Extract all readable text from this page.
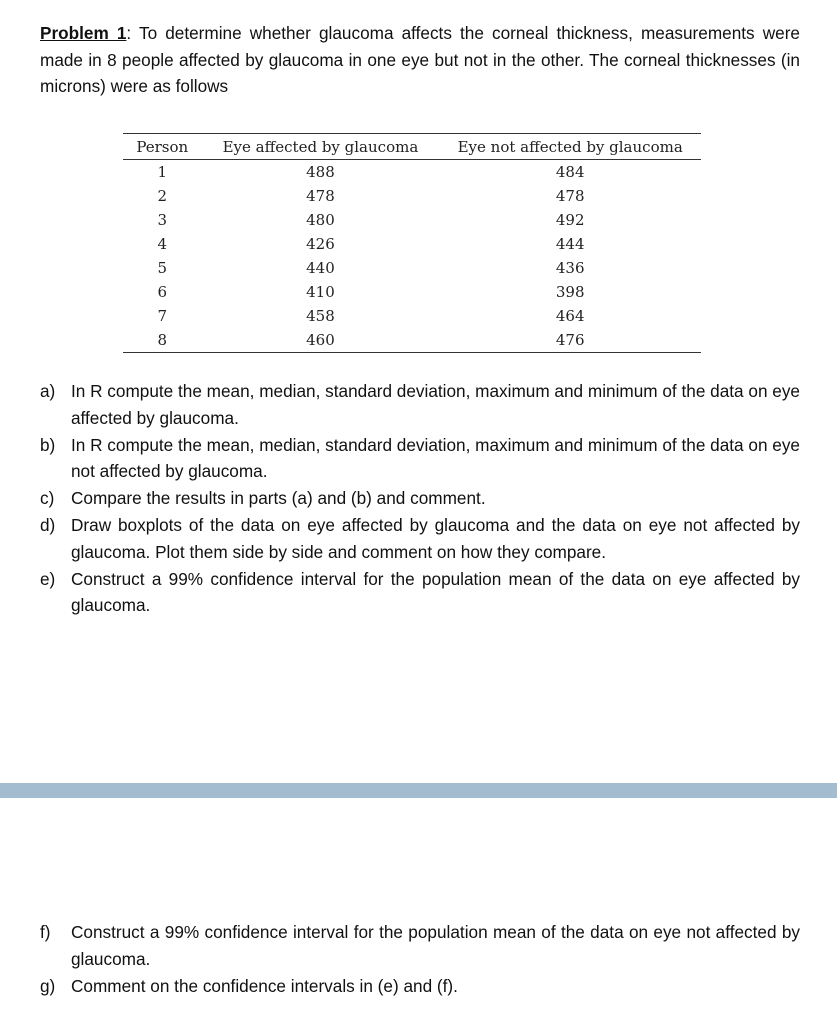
Problem 1: To determine whether glaucoma affects the corneal thickness, measurements were made in 8 people affected by glaucoma in one eye but not in the other. The corneal thicknesses (in microns) were as follows

Person	Eye affected by glaucoma	Eye not affected by glaucoma
1	488	484
2	478	478
3	480	492
4	426	444
5	440	436
6	410	398
7	458	464
8	460	476
a) In R compute the mean, median, standard deviation, maximum and minimum of the data on eye affected by glaucoma.
b) In R compute the mean, median, standard deviation, maximum and minimum of the data on eye not affected by glaucoma.
c) Compare the results in parts (a) and (b) and comment.
d) Draw boxplots of the data on eye affected by glaucoma and the data on eye not affected by glaucoma. Plot them side by side and comment on how they compare.
e) Construct a 99% confidence interval for the population mean of the data on eye affected by glaucoma.
f) Construct a 99% confidence interval for the population mean of the data on eye not affected by glaucoma.
g) Comment on the confidence intervals in (e) and (f).
